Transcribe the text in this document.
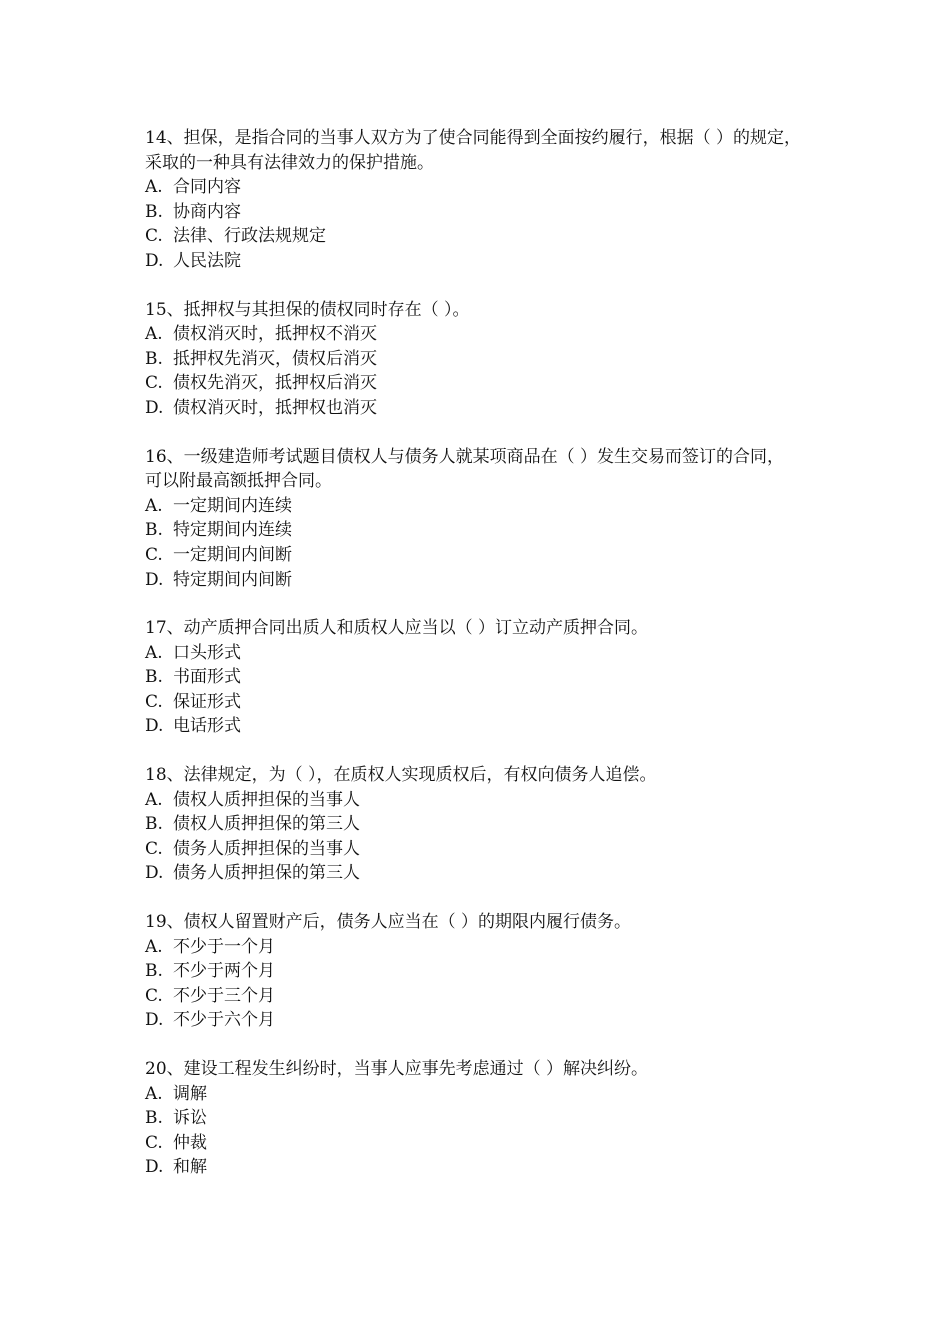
14、担保，是指合同的当事人双方为了使合同能得到全面按约履行，根据（ ）的规定，
采取的一种具有法律效力的保护措施。

A. 合同内容
B. 协商内容
C. 法律、行政法规规定
D. 人民法院

15、抵押权与其担保的债权同时存在（ ）。

A. 债权消灭时，抵押权不消灭
B. 抵押权先消灭，债权后消灭
C. 债权先消灭，抵押权后消灭
D. 债权消灭时，抵押权也消灭

16、一级建造师考试题目债权人与债务人就某项商品在（ ）发生交易而签订的合同，
可以附最高额抵押合同。

A. 一定期间内连续
B. 特定期间内连续
C. 一定期间内间断
D. 特定期间内间断

17、动产质押合同出质人和质权人应当以（ ）订立动产质押合同。

A. 口头形式
B. 书面形式
C. 保证形式
D. 电话形式

18、法律规定，为（ ），在质权人实现质权后，有权向债务人追偿。

A. 债权人质押担保的当事人
B. 债权人质押担保的第三人
C. 债务人质押担保的当事人
D. 债务人质押担保的第三人

19、债权人留置财产后，债务人应当在（ ）的期限内履行债务。

A. 不少于一个月
B. 不少于两个月
C. 不少于三个月
D. 不少于六个月

20、建设工程发生纠纷时，当事人应事先考虑通过（ ）解决纠纷。

A. 调解
B. 诉讼
C. 仲裁
D. 和解
